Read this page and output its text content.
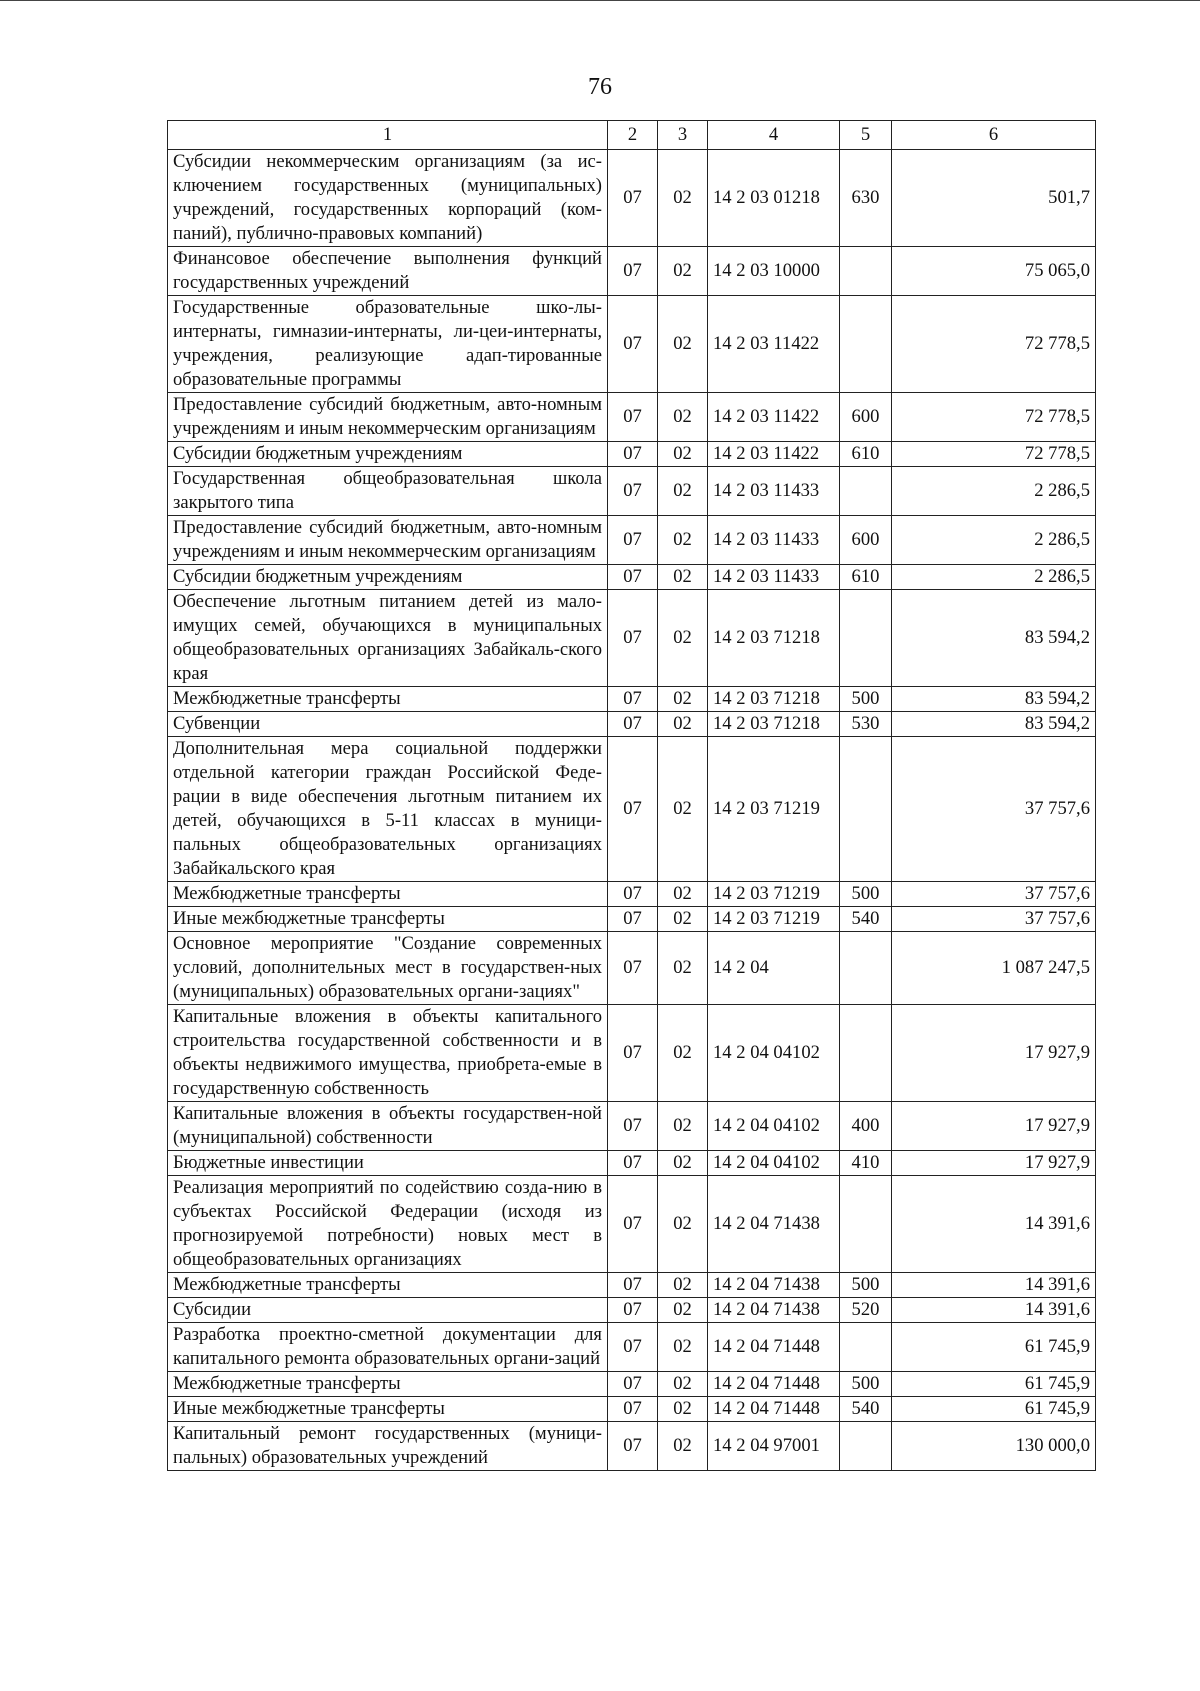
76
1	2	3	4	5	6
Субсидии некоммерческим организациям (за ис-ключением государственных (муниципальных) учреждений, государственных корпораций (ком-паний), публично-правовых компаний)	07	02	14 2 03 01218	630	501,7
Финансовое обеспечение выполнения функций государственных учреждений	07	02	14 2 03 10000		75 065,0
Государственные образовательные шко-лы-интернаты, гимназии-интернаты, ли-цеи-интернаты, учреждения, реализующие адап-тированные образовательные программы	07	02	14 2 03 11422		72 778,5
Предоставление субсидий бюджетным, авто-номным учреждениям и иным некоммерческим организациям	07	02	14 2 03 11422	600	72 778,5
Субсидии бюджетным учреждениям	07	02	14 2 03 11422	610	72 778,5
Государственная общеобразовательная школа закрытого типа	07	02	14 2 03 11433		2 286,5
Предоставление субсидий бюджетным, авто-номным учреждениям и иным некоммерческим организациям	07	02	14 2 03 11433	600	2 286,5
Субсидии бюджетным учреждениям	07	02	14 2 03 11433	610	2 286,5
Обеспечение льготным питанием детей из мало-имущих семей, обучающихся в муниципальных общеобразовательных организациях Забайкаль-ского края	07	02	14 2 03 71218		83 594,2
Межбюджетные трансферты	07	02	14 2 03 71218	500	83 594,2
Субвенции	07	02	14 2 03 71218	530	83 594,2
Дополнительная мера социальной поддержки отдельной категории граждан Российской Феде-рации в виде обеспечения льготным питанием их детей, обучающихся в 5-11 классах в муници-пальных общеобразовательных организациях Забайкальского края	07	02	14 2 03 71219		37 757,6
Межбюджетные трансферты	07	02	14 2 03 71219	500	37 757,6
Иные межбюджетные трансферты	07	02	14 2 03 71219	540	37 757,6
Основное мероприятие "Создание современных условий, дополнительных мест в государствен-ных (муниципальных) образовательных органи-зациях"	07	02	14 2 04		1 087 247,5
Капитальные вложения в объекты капитального строительства государственной собственности и в объекты недвижимого имущества, приобрета-емые в государственную собственность	07	02	14 2 04 04102		17 927,9
Капитальные вложения в объекты государствен-ной (муниципальной) собственности	07	02	14 2 04 04102	400	17 927,9
Бюджетные инвестиции	07	02	14 2 04 04102	410	17 927,9
Реализация мероприятий по содействию созда-нию в субъектах Российской Федерации (исходя из прогнозируемой потребности) новых мест в общеобразовательных организациях	07	02	14 2 04 71438		14 391,6
Межбюджетные трансферты	07	02	14 2 04 71438	500	14 391,6
Субсидии	07	02	14 2 04 71438	520	14 391,6
Разработка проектно-сметной документации для капитального ремонта образовательных органи-заций	07	02	14 2 04 71448		61 745,9
Межбюджетные трансферты	07	02	14 2 04 71448	500	61 745,9
Иные межбюджетные трансферты	07	02	14 2 04 71448	540	61 745,9
Капитальный ремонт государственных (муници-пальных) образовательных учреждений	07	02	14 2 04 97001		130 000,0
